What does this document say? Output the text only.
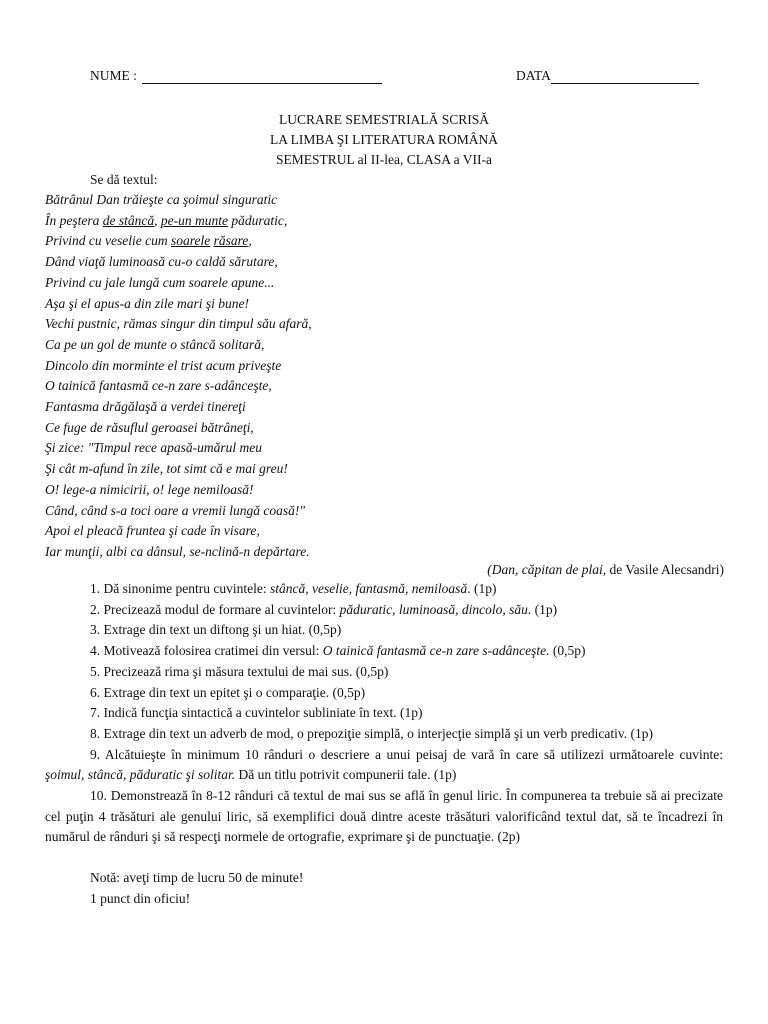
NUME :	DATA
LUCRARE SEMESTRIALĂ SCRISĂ
LA LIMBA ŞI LITERATURA ROMÂNĂ
SEMESTRUL al II-lea, CLASA a VII-a
Se dă textul:
Bătrânul Dan trăieşte ca şoimul singuratic
În peştera de stâncă, pe-un munte păduratic,
Privind cu veselie cum soarele răsare,
Dând viaţă luminoasă cu-o caldă sărutare,
Privind cu jale lungă cum soarele apune...
Aşa şi el apus-a din zile mari şi bune!
Vechi pustnic, rămas singur din timpul său afară,
Ca pe un gol de munte o stâncă solitară,
Dincolo din morminte el trist acum priveşte
O tainică fantasmă ce-n zare s-adânceşte,
Fantasma drăgălaşă a verdei tinereţi
Ce fuge de răsuflul geroasei bătrâneţi,
Şi zice: "Timpul rece apasă-umărul meu
Şi cât m-afund în zile, tot simt că e mai greu!
O! lege-a nimicirii, o! lege nemiloasă!
Când, când s-a toci oare a vremii lungă coasă!"
Apoi el pleacă fruntea şi cade în visare,
Iar munţii, albi ca dânsul, se-nclină-n depărtare.
(Dan, căpitan de plai, de Vasile Alecsandri)
1. Dă sinonime pentru cuvintele: stâncă, veselie, fantasmă, nemiloasă. (1p)
2. Precizează modul de formare al cuvintelor: păduratic, luminoasă, dincolo, său. (1p)
3. Extrage din text un diftong şi un hiat. (0,5p)
4. Motivează folosirea cratimei din versul: O tainică fantasmă ce-n zare s-adânceşte. (0,5p)
5. Precizează rima şi măsura textului de mai sus. (0,5p)
6. Extrage din text un epitet şi o comparaţie. (0,5p)
7. Indică funcţia sintactică a cuvintelor subliniate în text. (1p)
8. Extrage din text un adverb de mod, o prepoziţie simplă, o interjecţie simplă şi un verb predicativ. (1p)
9. Alcătuieşte în minimum 10 rânduri o descriere a unui peisaj de vară în care să utilizezi următoarele cuvinte: şoimul, stâncă, păduratic şi solitar. Dă un titlu potrivit compunerii tale. (1p)
10. Demonstrează în 8-12 rânduri că textul de mai sus se află în genul liric. În compunerea ta trebuie să ai precizate cel puţin 4 trăsături ale genului liric, să exemplifici două dintre aceste trăsături valorificând textul dat, să te încadrezi în numărul de rânduri şi să respecţi normele de ortografie, exprimare şi de punctuaţie. (2p)
Notă: aveţi timp de lucru 50 de minute!
1 punct din oficiu!
